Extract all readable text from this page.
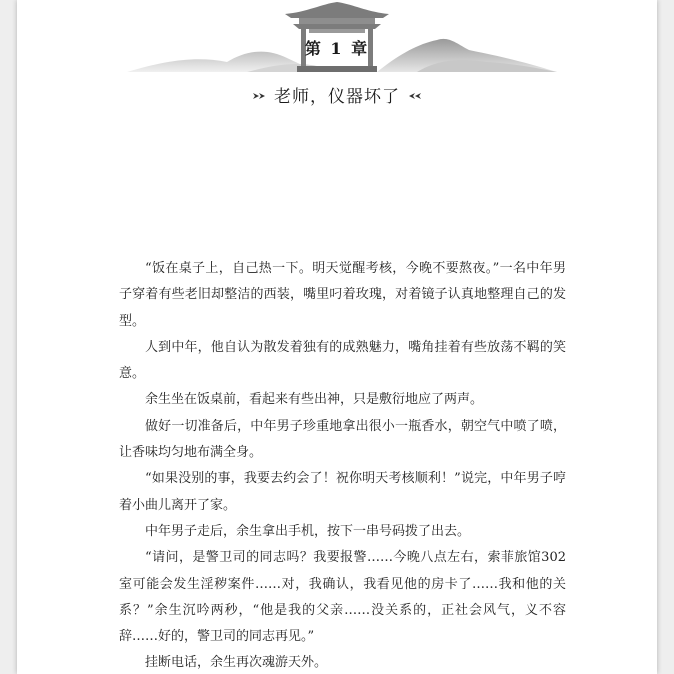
第 1 章
老师，仪器坏了

“饭在桌子上，自己热一下。明天觉醒考核，今晚不要熬夜。”一名中年男子穿着有些老旧却整洁的西装，嘴里叼着玫瑰，对着镜子认真地整理自己的发型。

人到中年，他自认为散发着独有的成熟魅力，嘴角挂着有些放荡不羁的笑意。

余生坐在饭桌前，看起来有些出神，只是敷衍地应了两声。

做好一切准备后，中年男子珍重地拿出很小一瓶香水，朝空气中喷了喷，让香味均匀地布满全身。

“如果没别的事，我要去约会了！祝你明天考核顺利！”说完，中年男子哼着小曲儿离开了家。

中年男子走后，余生拿出手机，按下一串号码拨了出去。

“请问，是警卫司的同志吗？我要报警……今晚八点左右，索菲旅馆302室可能会发生淫秽案件……对，我确认，我看见他的房卡了……我和他的关系？”余生沉吟两秒，“他是我的父亲……没关系的，正社会风气，义不容辞……好的，警卫司的同志再见。”

挂断电话，余生再次魂游天外。
